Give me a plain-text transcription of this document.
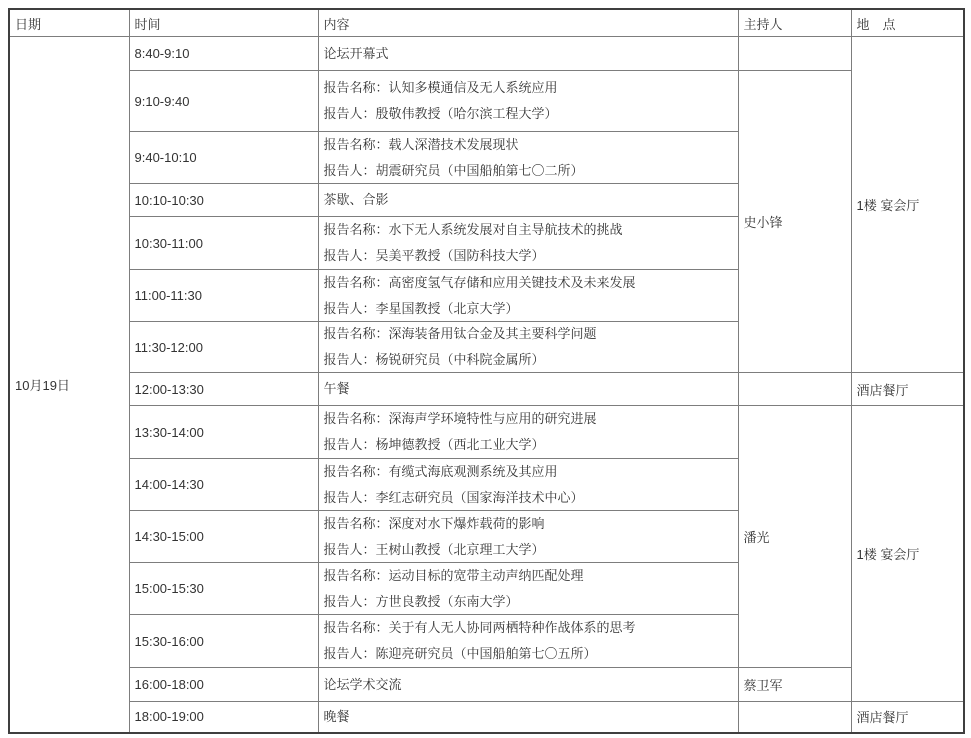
日期	时间	内容	主持人	地　点
10月19日	8:40-9:10	论坛开幕式		1楼 宴会厅
	9:10-9:40	报告名称：认知多模通信及无人系统应用

报告人：殷敬伟教授（哈尔滨工程大学）	史小锋	
	9:40-10:10	报告名称：载人深潜技术发展现状

报告人：胡震研究员（中国船舶第七〇二所）		

	10:10-10:30	茶歇、合影		

	10:30-11:00	报告名称：水下无人系统发展对自主导航技术的挑战

报告人：吴美平教授（国防科技大学）		

	11:00-11:30	报告名称：高密度氢气存储和应用关键技术及未来发展

报告人：李星国教授（北京大学）		

	11:30-12:00	报告名称：深海装备用钛合金及其主要科学问题

报告人：杨锐研究员（中科院金属所）		

	12:00-13:30	午餐		酒店餐厅
	13:30-14:00	报告名称：深海声学环境特性与应用的研究进展

报告人：杨坤德教授（西北工业大学）	潘光	1楼 宴会厅
	14:00-14:30	报告名称：有缆式海底观测系统及其应用

报告人：李红志研究员（国家海洋技术中心）		

	14:30-15:00	报告名称：深度对水下爆炸载荷的影响

报告人：王树山教授（北京理工大学）		

	15:00-15:30	报告名称：运动目标的宽带主动声纳匹配处理

报告人：方世良教授（东南大学）		

	15:30-16:00	报告名称：关于有人无人协同两栖特种作战体系的思考

报告人：陈迎亮研究员（中国船舶第七〇五所）		

	16:00-18:00	论坛学术交流	蔡卫军	
	18:00-19:00	晚餐		酒店餐厅
